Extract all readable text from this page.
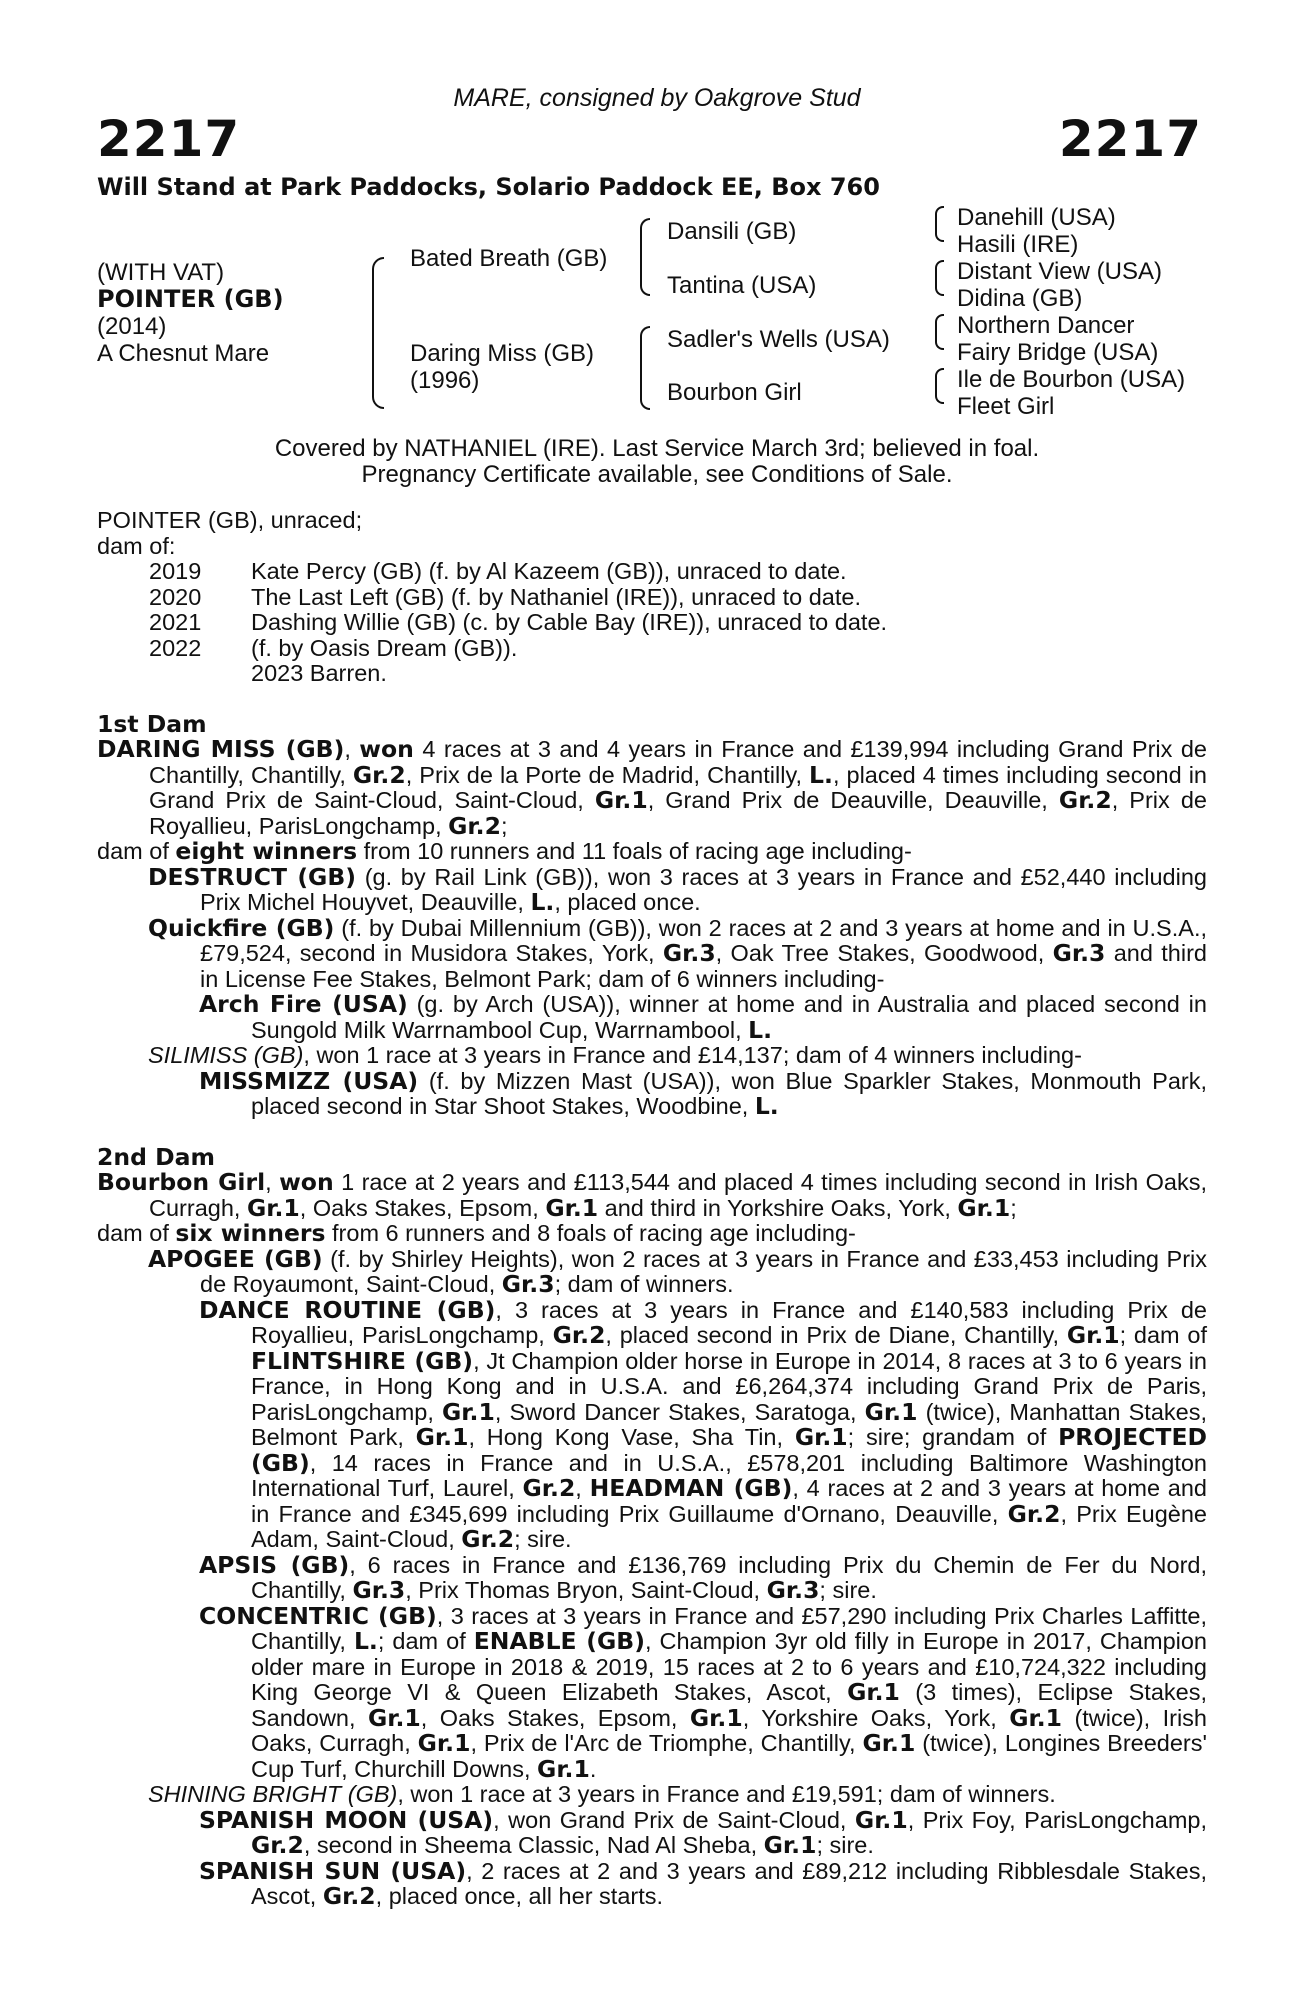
MARE, consigned by Oakgrove Stud
2217	2217
Will Stand at Park Paddocks, Solario Paddock EE, Box 760
(WITH VAT)
POINTER (GB)
(2014)
A Chesnut Mare
Bated Breath (GB)
Daring Miss (GB)
(1996)
Dansili (GB)
Tantina (USA)
Sadler's Wells (USA)
Bourbon Girl
Danehill (USA)
Hasili (IRE)
Distant View (USA)
Didina (GB)
Northern Dancer
Fairy Bridge (USA)
Ile de Bourbon (USA)
Fleet Girl
Covered by NATHANIEL (IRE). Last Service March 3rd; believed in foal.
Pregnancy Certificate available, see Conditions of Sale.

POINTER (GB), unraced;

dam of:

2019	Kate Percy (GB) (f. by Al Kazeem (GB)), unraced to date.
2020	The Last Left (GB) (f. by Nathaniel (IRE)), unraced to date.
2021	Dashing Willie (GB) (c. by Cable Bay (IRE)), unraced to date.
2022	(f. by Oasis Dream (GB)).
2023 Barren.

1st Dam

DARING MISS (GB), won 4 races at 3 and 4 years in France and £139,994 including Grand Prix de Chantilly, Chantilly, Gr.2, Prix de la Porte de Madrid, Chantilly, L., placed 4 times including second in Grand Prix de Saint-Cloud, Saint-Cloud, Gr.1, Grand Prix de Deauville, Deauville, Gr.2, Prix de Royallieu, ParisLongchamp, Gr.2;

dam of eight winners from 10 runners and 11 foals of racing age including-

DESTRUCT (GB) (g. by Rail Link (GB)), won 3 races at 3 years in France and £52,440 including Prix Michel Houyvet, Deauville, L., placed once.

Quickfire (GB) (f. by Dubai Millennium (GB)), won 2 races at 2 and 3 years at home and in U.S.A., £79,524, second in Musidora Stakes, York, Gr.3, Oak Tree Stakes, Goodwood, Gr.3 and third in License Fee Stakes, Belmont Park; dam of 6 winners including-

Arch Fire (USA) (g. by Arch (USA)), winner at home and in Australia and placed second in Sungold Milk Warrnambool Cup, Warrnambool, L.

SILIMISS (GB), won 1 race at 3 years in France and £14,137; dam of 4 winners including-

MISSMIZZ (USA) (f. by Mizzen Mast (USA)), won Blue Sparkler Stakes, Monmouth Park, placed second in Star Shoot Stakes, Woodbine, L.

2nd Dam

Bourbon Girl, won 1 race at 2 years and £113,544 and placed 4 times including second in Irish Oaks, Curragh, Gr.1, Oaks Stakes, Epsom, Gr.1 and third in Yorkshire Oaks, York, Gr.1;

dam of six winners from 6 runners and 8 foals of racing age including-

APOGEE (GB) (f. by Shirley Heights), won 2 races at 3 years in France and £33,453 including Prix de Royaumont, Saint-Cloud, Gr.3; dam of winners.

DANCE ROUTINE (GB), 3 races at 3 years in France and £140,583 including Prix de Royallieu, ParisLongchamp, Gr.2, placed second in Prix de Diane, Chantilly, Gr.1; dam of FLINTSHIRE (GB), Jt Champion older horse in Europe in 2014, 8 races at 3 to 6 years in France, in Hong Kong and in U.S.A. and £6,264,374 including Grand Prix de Paris, ParisLongchamp, Gr.1, Sword Dancer Stakes, Saratoga, Gr.1 (twice), Manhattan Stakes, Belmont Park, Gr.1, Hong Kong Vase, Sha Tin, Gr.1; sire; grandam of PROJECTED (GB), 14 races in France and in U.S.A., £578,201 including Baltimore Washington International Turf, Laurel, Gr.2, HEADMAN (GB), 4 races at 2 and 3 years at home and in France and £345,699 including Prix Guillaume d'Ornano, Deauville, Gr.2, Prix Eugène Adam, Saint-Cloud, Gr.2; sire.

APSIS (GB), 6 races in France and £136,769 including Prix du Chemin de Fer du Nord, Chantilly, Gr.3, Prix Thomas Bryon, Saint-Cloud, Gr.3; sire.

CONCENTRIC (GB), 3 races at 3 years in France and £57,290 including Prix Charles Laffitte, Chantilly, L.; dam of ENABLE (GB), Champion 3yr old filly in Europe in 2017, Champion older mare in Europe in 2018 & 2019, 15 races at 2 to 6 years and £10,724,322 including King George VI & Queen Elizabeth Stakes, Ascot, Gr.1 (3 times), Eclipse Stakes, Sandown, Gr.1, Oaks Stakes, Epsom, Gr.1, Yorkshire Oaks, York, Gr.1 (twice), Irish Oaks, Curragh, Gr.1, Prix de l'Arc de Triomphe, Chantilly, Gr.1 (twice), Longines Breeders' Cup Turf, Churchill Downs, Gr.1.

SHINING BRIGHT (GB), won 1 race at 3 years in France and £19,591; dam of winners.

SPANISH MOON (USA), won Grand Prix de Saint-Cloud, Gr.1, Prix Foy, ParisLongchamp, Gr.2, second in Sheema Classic, Nad Al Sheba, Gr.1; sire.

SPANISH SUN (USA), 2 races at 2 and 3 years and £89,212 including Ribblesdale Stakes, Ascot, Gr.2, placed once, all her starts.
